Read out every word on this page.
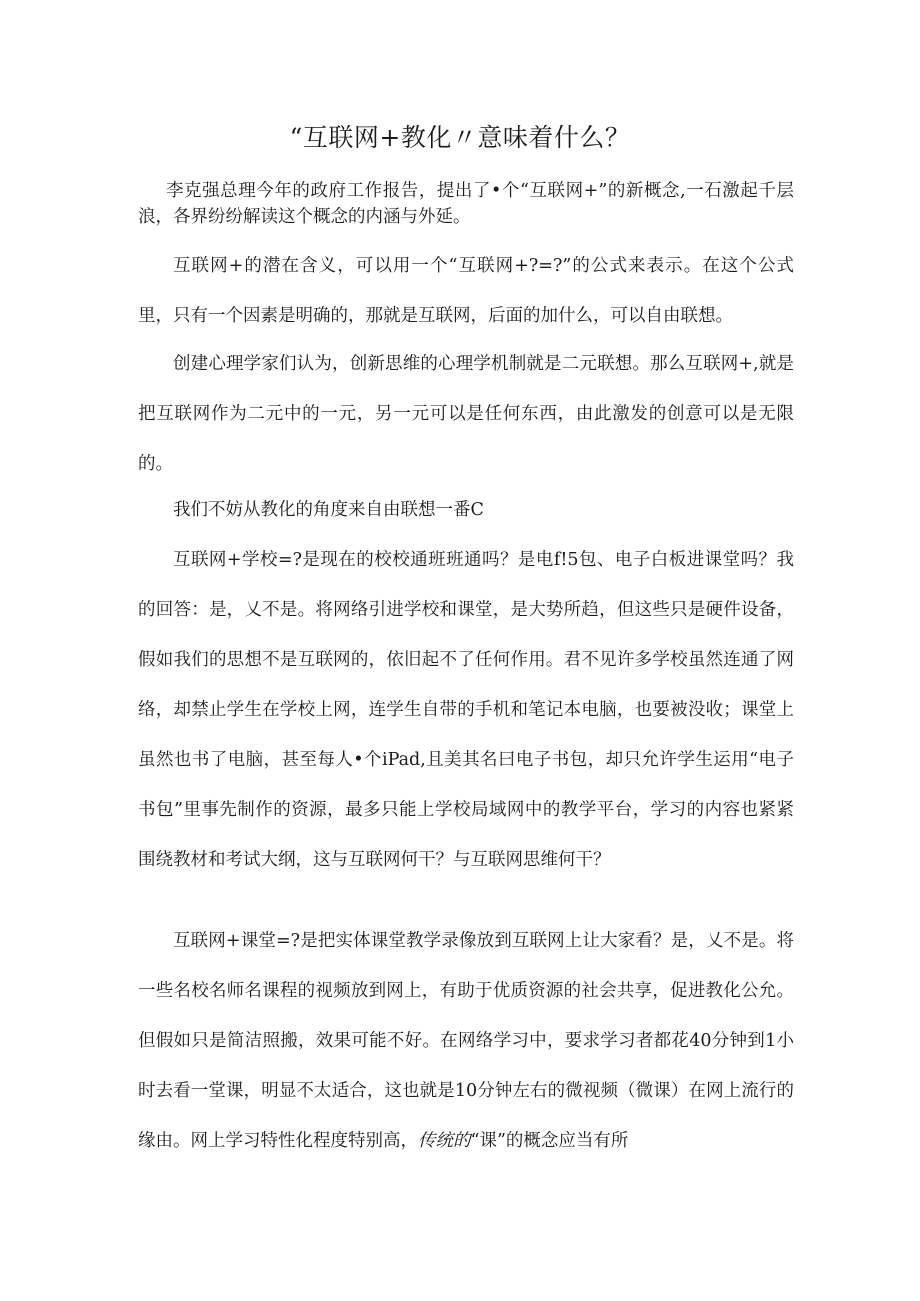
“互联网+教化〃意味着什么？

李克强总理今年的政府工作报告，提出了•个“互联网+”的新概念,一石激起千层浪，各界纷纷解读这个概念的内涵与外延。

互联网+的潜在含义，可以用一个“互联网+?=?”的公式来表示。在这个公式里，只有一个因素是明确的，那就是互联网，后面的加什么，可以自由联想。

创建心理学家们认为，创新思维的心理学机制就是二元联想。那么互联网+,就是把互联网作为二元中的一元，另一元可以是任何东西，由此激发的创意可以是无限的。

我们不妨从教化的角度来自由联想一番C

互联网+学校=?是现在的校校通班班通吗？是电f!5包、电子白板进课堂吗？我的回答：是，乂不是。将网络引进学校和课堂，是大势所趋，但这些只是硬件设备，假如我们的思想不是互联网的，依旧起不了任何作用。君不见许多学校虽然连通了网络，却禁止学生在学校上网，连学生自带的手机和笔记本电脑，也要被没收；课堂上虽然也书了电脑，甚至每人•个iPad,且美其名曰电子书包，却只允许学生运用“电子书包”里事先制作的资源，最多只能上学校局域网中的教学平台，学习的内容也紧紧围绕教材和考试大纲，这与互联网何干？与互联网思维何干？

互联网+课堂=?是把实体课堂教学录像放到互联网上让大家看？是，乂不是。将一些名校名师名课程的视频放到网上，有助于优质资源的社会共享，促进教化公允。但假如只是简洁照搬，效果可能不好。在网络学习中，要求学习者都花40分钟到1小时去看一堂课，明显不太适合，这也就是10分钟左右的微视频（微课）在网上流行的缘由。网上学习特性化程度特别高，传统的“课”的概念应当有所
